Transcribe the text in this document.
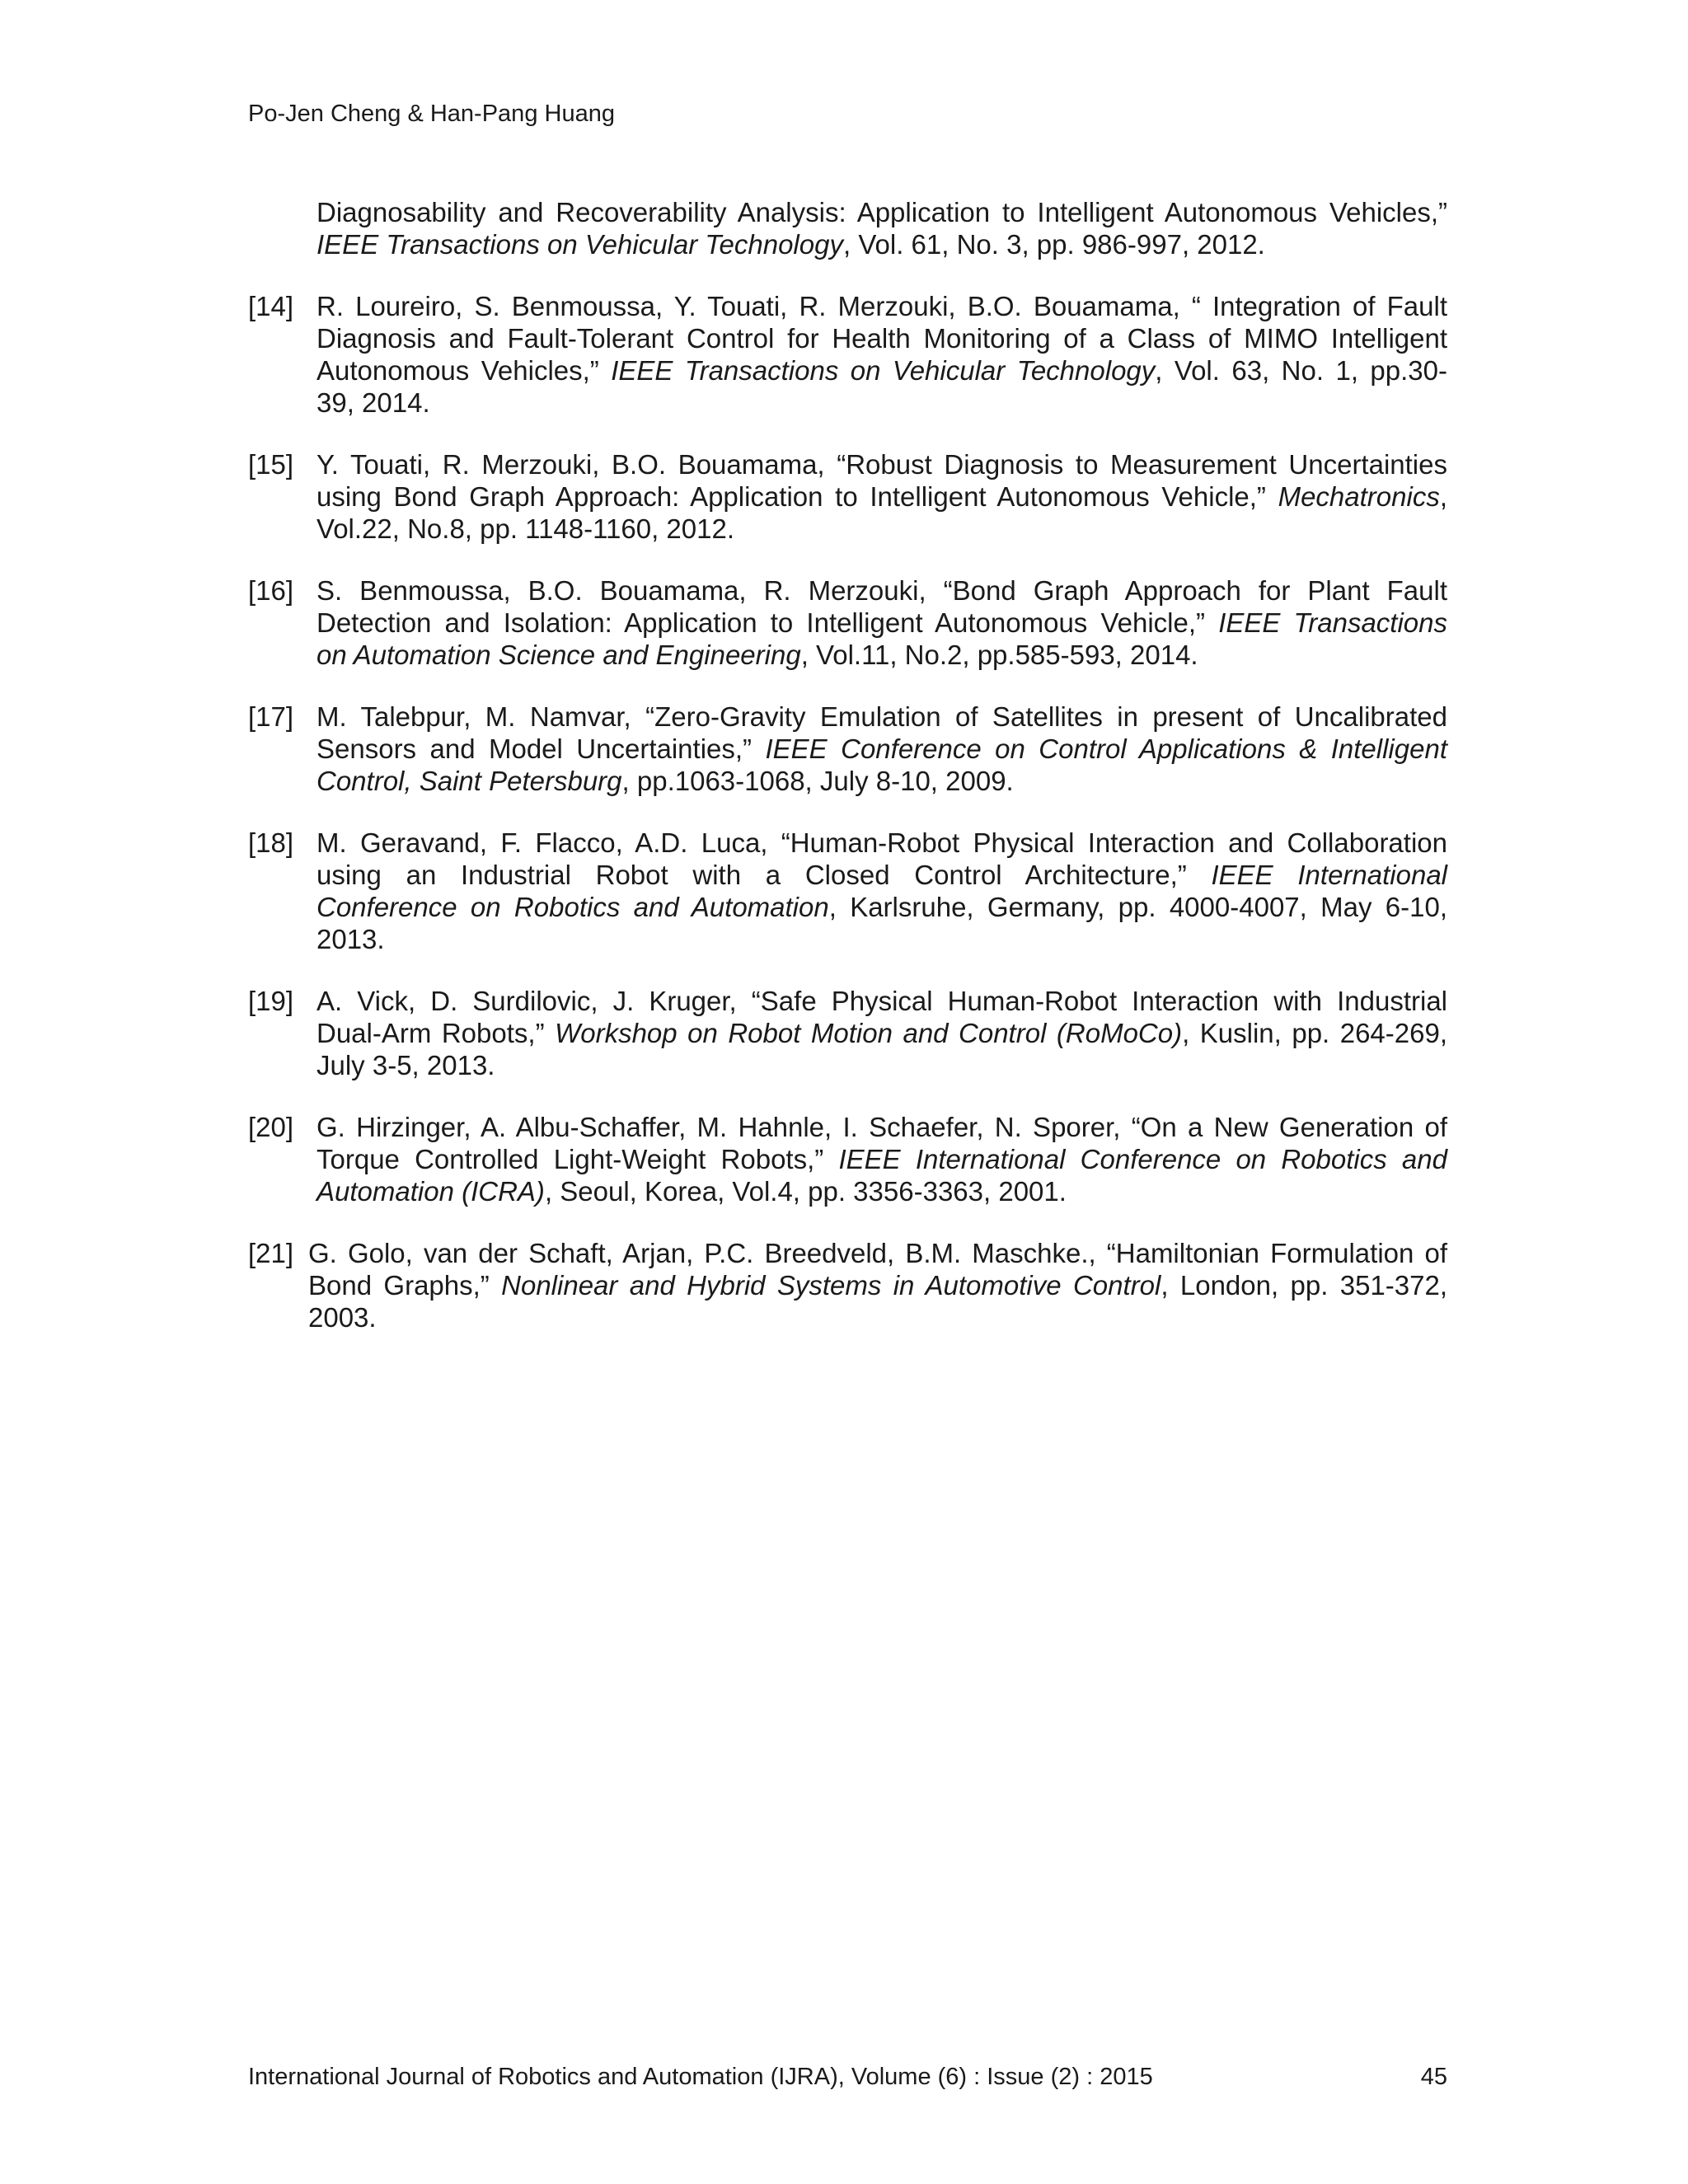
Po-Jen Cheng & Han-Pang Huang
Diagnosability and Recoverability Analysis: Application to Intelligent Autonomous Vehicles,”
IEEE Transactions on Vehicular Technology, Vol. 61, No. 3, pp. 986-997, 2012.
[14] R. Loureiro, S. Benmoussa, Y. Touati, R. Merzouki, B.O. Bouamama, “ Integration of Fault
Diagnosis and Fault-Tolerant Control for Health Monitoring of a Class of MIMO Intelligent
Autonomous Vehicles,” IEEE Transactions on Vehicular Technology, Vol. 63, No. 1, pp.30-
39, 2014.
[15] Y. Touati, R. Merzouki, B.O. Bouamama, “Robust Diagnosis to Measurement Uncertainties
using Bond Graph Approach: Application to Intelligent Autonomous Vehicle,” Mechatronics,
Vol.22, No.8, pp. 1148-1160, 2012.
[16] S. Benmoussa, B.O. Bouamama, R. Merzouki, “Bond Graph Approach for Plant Fault
Detection and Isolation: Application to Intelligent Autonomous Vehicle,” IEEE Transactions
on Automation Science and Engineering, Vol.11, No.2, pp.585-593, 2014.
[17] M. Talebpur, M. Namvar, “Zero-Gravity Emulation of Satellites in present of Uncalibrated
Sensors and Model Uncertainties,” IEEE Conference on Control Applications & Intelligent
Control, Saint Petersburg, pp.1063-1068, July 8-10, 2009.
[18] M. Geravand, F. Flacco, A.D. Luca, “Human-Robot Physical Interaction and Collaboration
using an Industrial Robot with a Closed Control Architecture,” IEEE International
Conference on Robotics and Automation, Karlsruhe, Germany, pp. 4000-4007, May 6-10,
2013.
[19] A. Vick, D. Surdilovic, J. Kruger, “Safe Physical Human-Robot Interaction with Industrial
Dual-Arm Robots,” Workshop on Robot Motion and Control (RoMoCo), Kuslin, pp. 264-269,
July 3-5, 2013.
[20] G. Hirzinger, A. Albu-Schaffer, M. Hahnle, I. Schaefer, N. Sporer, “On a New Generation of
Torque Controlled Light-Weight Robots,” IEEE International Conference on Robotics and
Automation (ICRA), Seoul, Korea, Vol.4, pp. 3356-3363, 2001.
[21] G. Golo, van der Schaft, Arjan, P.C. Breedveld, B.M. Maschke., “Hamiltonian Formulation of
Bond Graphs,” Nonlinear and Hybrid Systems in Automotive Control, London, pp. 351-372,
2003.
International Journal of Robotics and Automation (IJRA), Volume (6) : Issue (2) : 2015	45
